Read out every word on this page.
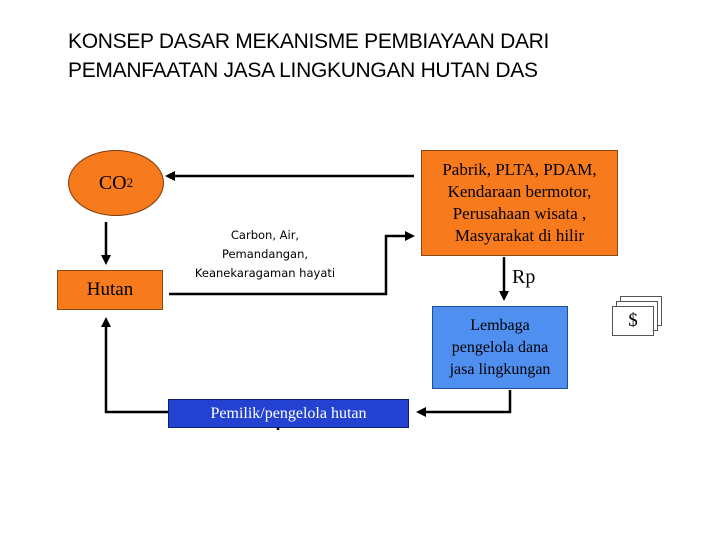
KONSEP DASAR MEKANISME PEMBIAYAAN DARI PEMANFAATAN JASA LINGKUNGAN HUTAN DAS
CO 2
Hutan
Pabrik, PLTA, PDAM,
Kendaraan bermotor,
Perusahaan wisata ,
Masyarakat di hilir
Carbon, Air,
Pemandangan,
Keanekaragaman hayati	Rp
Lembaga
pengelola dana
jasa lingkungan
$
Pemilik/pengelola hutan
